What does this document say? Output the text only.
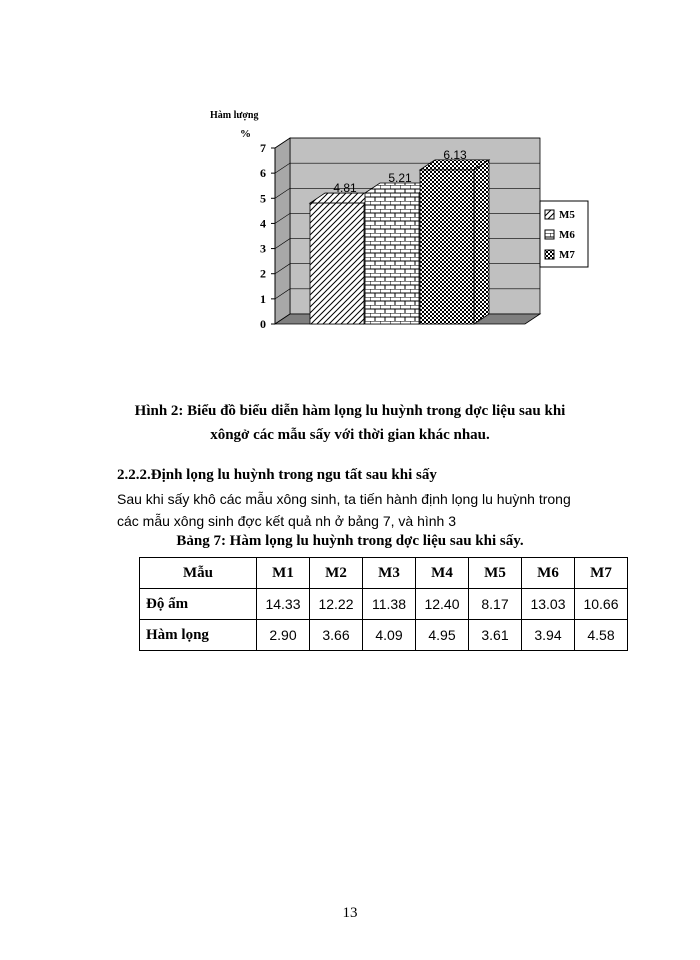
Hàm lượng
%
0
1
2
3
4
5
6
7
4.81
5.21
6.13
M5
M6
M7
Hình 2: Biểu đồ biểu diễn hàm lọng lu huỳnh trong dợc liệu sau khi
xôngở các mẫu sấy với thời gian khác nhau.
2.2.2.Định lọng lu huỳnh trong ngu tất sau khi sấy
Sau khi sấy khô các mẫu xông sinh, ta tiến hành định lọng lu huỳnh trong
các mẫu xông sinh đợc kết quả nh ở bảng 7, và hình 3
Bảng 7: Hàm lọng lu huỳnh trong dợc liệu sau khi sấy.
Mẫu	M1	M2	M3	M4	M5	M6	M7
Độ ẩm	14.33	12.22	11.38	12.40	8.17	13.03	10.66
Hàm lọng	2.90	3.66	4.09	4.95	3.61	3.94	4.58
13
